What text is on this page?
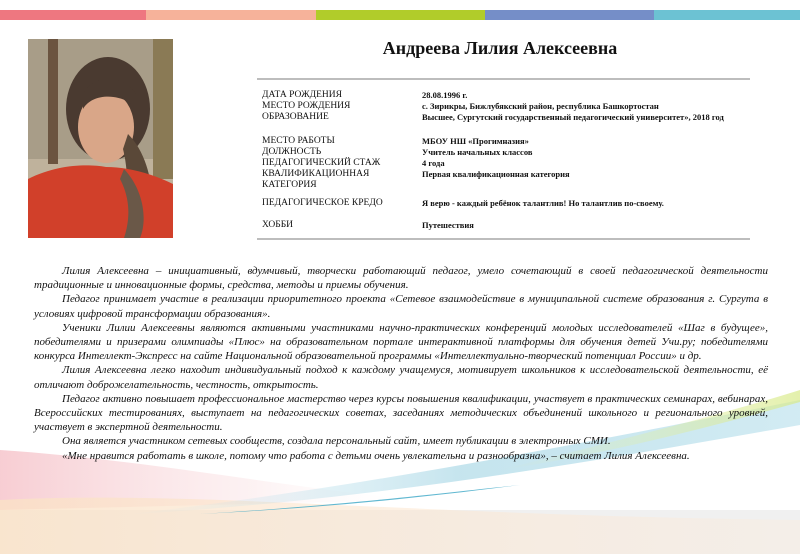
Андреева Лилия Алексеевна
ДАТА РОЖДЕНИЯ	28.08.1996 г.
МЕСТО РОЖДЕНИЯ	с. Зирикры, Бижлубякский район, республика Башкортостан
ОБРАЗОВАНИЕ	Высшее, Сургутский государственный педагогический университет», 2018 год
МЕСТО РАБОТЫ	МБОУ НШ «Прогимназия»
ДОЛЖНОСТЬ	Учитель начальных классов
ПЕДАГОГИЧЕСКИЙ СТАЖ	4 года
КВАЛИФИКАЦИОННАЯ	Первая квалификационная категория
КАТЕГОРИЯ
ПЕДАГОГИЧЕСКОЕ КРЕДО	Я верю - каждый ребёнок талантлив! Но талантлив по-своему.
ХОББИ	Путешествия

Лилия Алексеевна – инициативный, вдумчивый, творчески работающий педагог, умело сочетающий в своей педагогической деятельности традиционные и инновационные формы, средства, методы и приемы обучения.

Педагог принимает участие в реализации приоритетного проекта «Сетевое взаимодействие в муниципальной системе образования г. Сургута в условиях цифровой трансформации образования».

Ученики Лилии Алексеевны являются активными участниками научно-практических конференций молодых исследователей «Шаг в будущее», победителями и призерами олимпиады «Плюс» на образовательном портале интерактивной платформы для обучения детей Учи.ру; победителями конкурса Интеллект-Экспресс на сайте Национальной образовательной программы «Интеллектуально-творческий потенциал России» и др.

Лилия Алексеевна легко находит индивидуальный подход к каждому учащемуся, мотивирует школьников к исследовательской деятельности, её отличают доброжелательность, честность, открытость.

Педагог активно повышает профессиональное мастерство через курсы повышения квалификации, участвует в практических семинарах, вебинарах, Всероссийских тестированиях, выступает на педагогических советах, заседаниях методических объединений школьного и регионального уровней, участвует в экспертной деятельности.

Она является участником сетевых сообществ, создала персональный сайт, имеет публикации в электронных СМИ.

«Мне нравится работать в школе, потому что работа с детьми очень увлекательна и разнообразна», – считает Лилия Алексеевна.
